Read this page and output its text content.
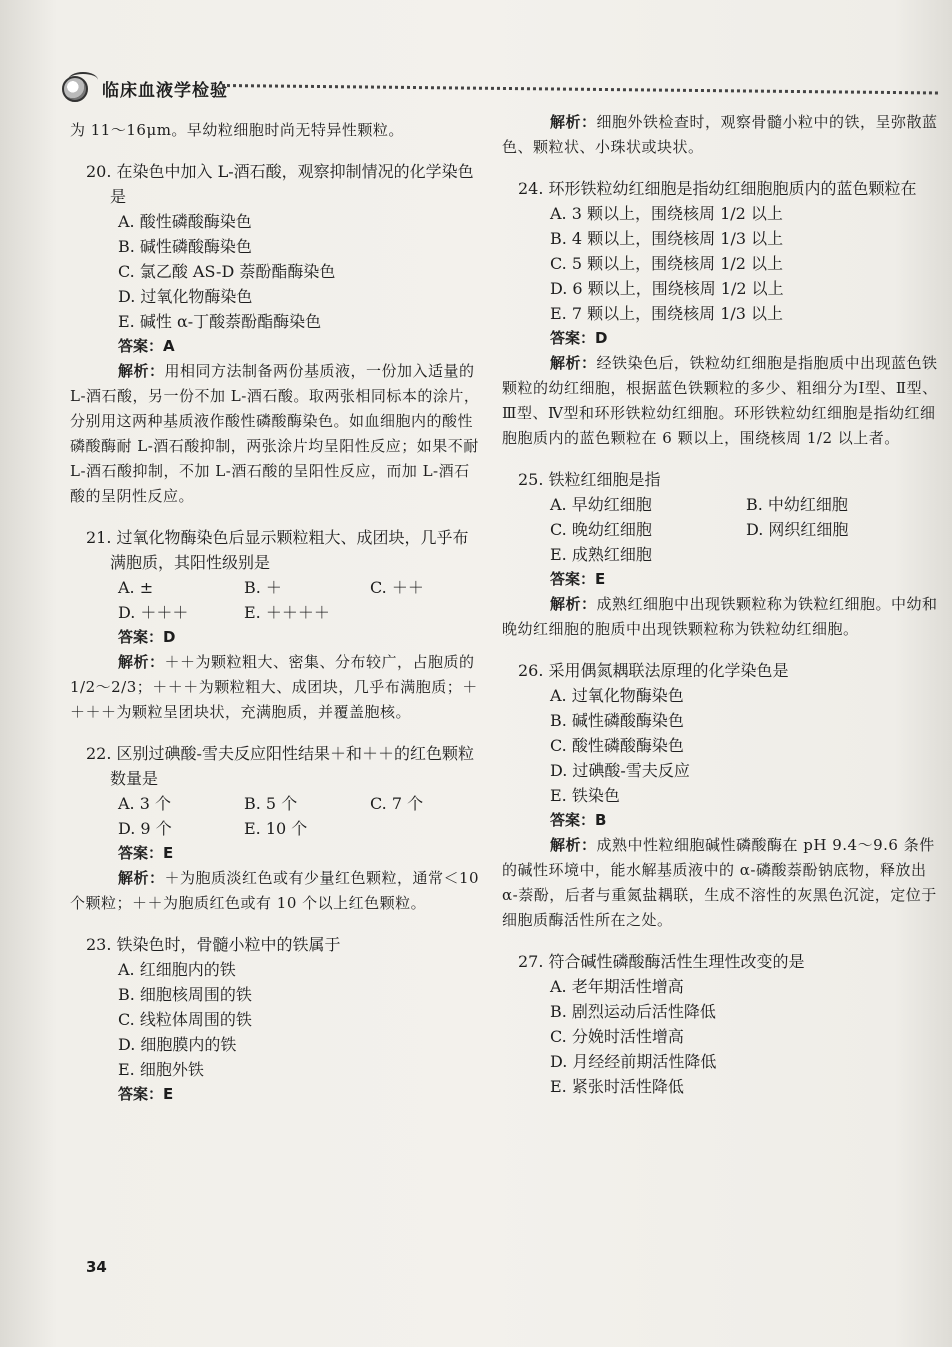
临床血液学检验
为 11～16μm。早幼粒细胞时尚无特异性颗粒。
20. 在染色中加入 L-酒石酸，观察抑制情况的化学染色是
A. 酸性磷酸酶染色
B. 碱性磷酸酶染色
C. 氯乙酸 AS-D 萘酚酯酶染色
D. 过氧化物酶染色
E. 碱性 α-丁酸萘酚酯酶染色
答案：A
解析：用相同方法制备两份基质液，一份加入适量的 L-酒石酸，另一份不加 L-酒石酸。取两张相同标本的涂片，分别用这两种基质液作酸性磷酸酶染色。如血细胞内的酸性磷酸酶耐 L-酒石酸抑制，两张涂片均呈阳性反应；如果不耐 L-酒石酸抑制，不加 L-酒石酸的呈阳性反应，而加 L-酒石酸的呈阴性反应。
21. 过氧化物酶染色后显示颗粒粗大、成团块，几乎布满胞质，其阳性级别是
A. ±	B. ＋	C. ＋＋
D. ＋＋＋	E. ＋＋＋＋
答案：D
解析：＋＋为颗粒粗大、密集、分布较广，占胞质的 1/2～2/3；＋＋＋为颗粒粗大、成团块，几乎布满胞质；＋＋＋＋为颗粒呈团块状，充满胞质，并覆盖胞核。
22. 区别过碘酸-雪夫反应阳性结果＋和＋＋的红色颗粒数量是
A. 3 个	B. 5 个	C. 7 个
D. 9 个	E. 10 个
答案：E
解析：＋为胞质淡红色或有少量红色颗粒，通常＜10 个颗粒；＋＋为胞质红色或有 10 个以上红色颗粒。
23. 铁染色时，骨髓小粒中的铁属于
A. 红细胞内的铁
B. 细胞核周围的铁
C. 线粒体周围的铁
D. 细胞膜内的铁
E. 细胞外铁
答案：E
解析：细胞外铁检查时，观察骨髓小粒中的铁，呈弥散蓝色、颗粒状、小珠状或块状。
24. 环形铁粒幼红细胞是指幼红细胞胞质内的蓝色颗粒在
A. 3 颗以上，围绕核周 1/2 以上
B. 4 颗以上，围绕核周 1/3 以上
C. 5 颗以上，围绕核周 1/2 以上
D. 6 颗以上，围绕核周 1/2 以上
E. 7 颗以上，围绕核周 1/3 以上
答案：D
解析：经铁染色后，铁粒幼红细胞是指胞质中出现蓝色铁颗粒的幼红细胞，根据蓝色铁颗粒的多少、粗细分为Ⅰ型、Ⅱ型、Ⅲ型、Ⅳ型和环形铁粒幼红细胞。环形铁粒幼红细胞是指幼红细胞胞质内的蓝色颗粒在 6 颗以上，围绕核周 1/2 以上者。
25. 铁粒红细胞是指
A. 早幼红细胞	B. 中幼红细胞
C. 晚幼红细胞	D. 网织红细胞
E. 成熟红细胞
答案：E
解析：成熟红细胞中出现铁颗粒称为铁粒红细胞。中幼和晚幼红细胞的胞质中出现铁颗粒称为铁粒幼红细胞。
26. 采用偶氮耦联法原理的化学染色是
A. 过氧化物酶染色
B. 碱性磷酸酶染色
C. 酸性磷酸酶染色
D. 过碘酸-雪夫反应
E. 铁染色
答案：B
解析：成熟中性粒细胞碱性磷酸酶在 pH 9.4～9.6 条件的碱性环境中，能水解基质液中的 α-磷酸萘酚钠底物，释放出 α-萘酚，后者与重氮盐耦联，生成不溶性的灰黑色沉淀，定位于细胞质酶活性所在之处。
27. 符合碱性磷酸酶活性生理性改变的是
A. 老年期活性增高
B. 剧烈运动后活性降低
C. 分娩时活性增高
D. 月经经前期活性降低
E. 紧张时活性降低
34
